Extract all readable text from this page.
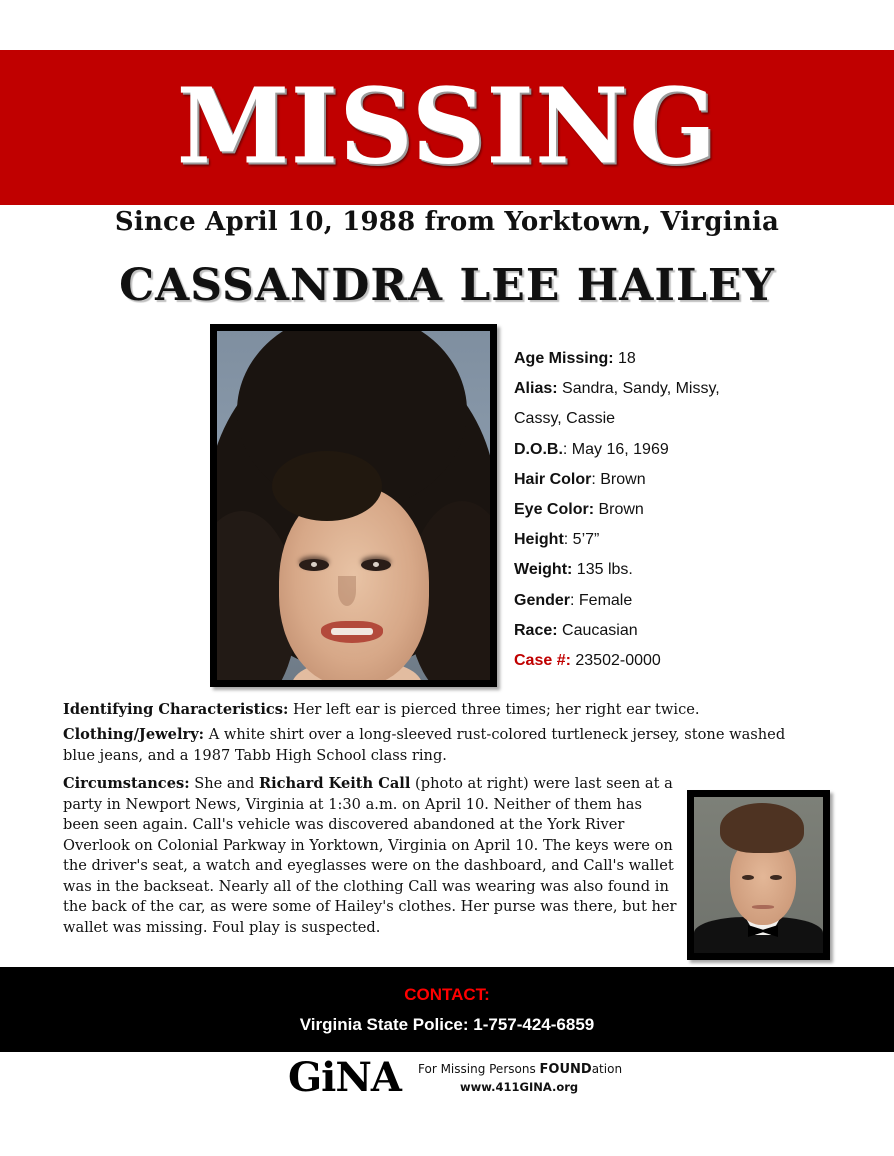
MISSING
Since April 10, 1988 from Yorktown, Virginia
CASSANDRA LEE HAILEY
Age Missing: 18
Alias: Sandra, Sandy, Missy,
Cassy, Cassie
D.O.B.: May 16, 1969
Hair Color: Brown
Eye Color: Brown
Height: 5’7”
Weight: 135 lbs.
Gender: Female
Race: Caucasian
Case #: 23502-0000
Identifying Characteristics: Her left ear is pierced three times; her right ear twice.
Clothing/Jewelry: A white shirt over a long-sleeved rust-colored turtleneck jersey, stone washed blue jeans, and a 1987 Tabb High School class ring.
Circumstances: She and Richard Keith Call (photo at right) were last seen at a party in Newport News, Virginia at 1:30 a.m. on April 10. Neither of them has been seen again. Call's vehicle was discovered abandoned at the York River Overlook on Colonial Parkway in Yorktown, Virginia on April 10. The keys were on the driver's seat, a watch and eyeglasses were on the dashboard, and Call's wallet was in the backseat. Nearly all of the clothing Call was wearing was also found in the back of the car, as were some of Hailey's clothes. Her purse was there, but her wallet was missing. Foul play is suspected.
CONTACT:
Virginia State Police: 1-757-424-6859
GiNA For Missing Persons FOUNDation
www.411GINA.org
